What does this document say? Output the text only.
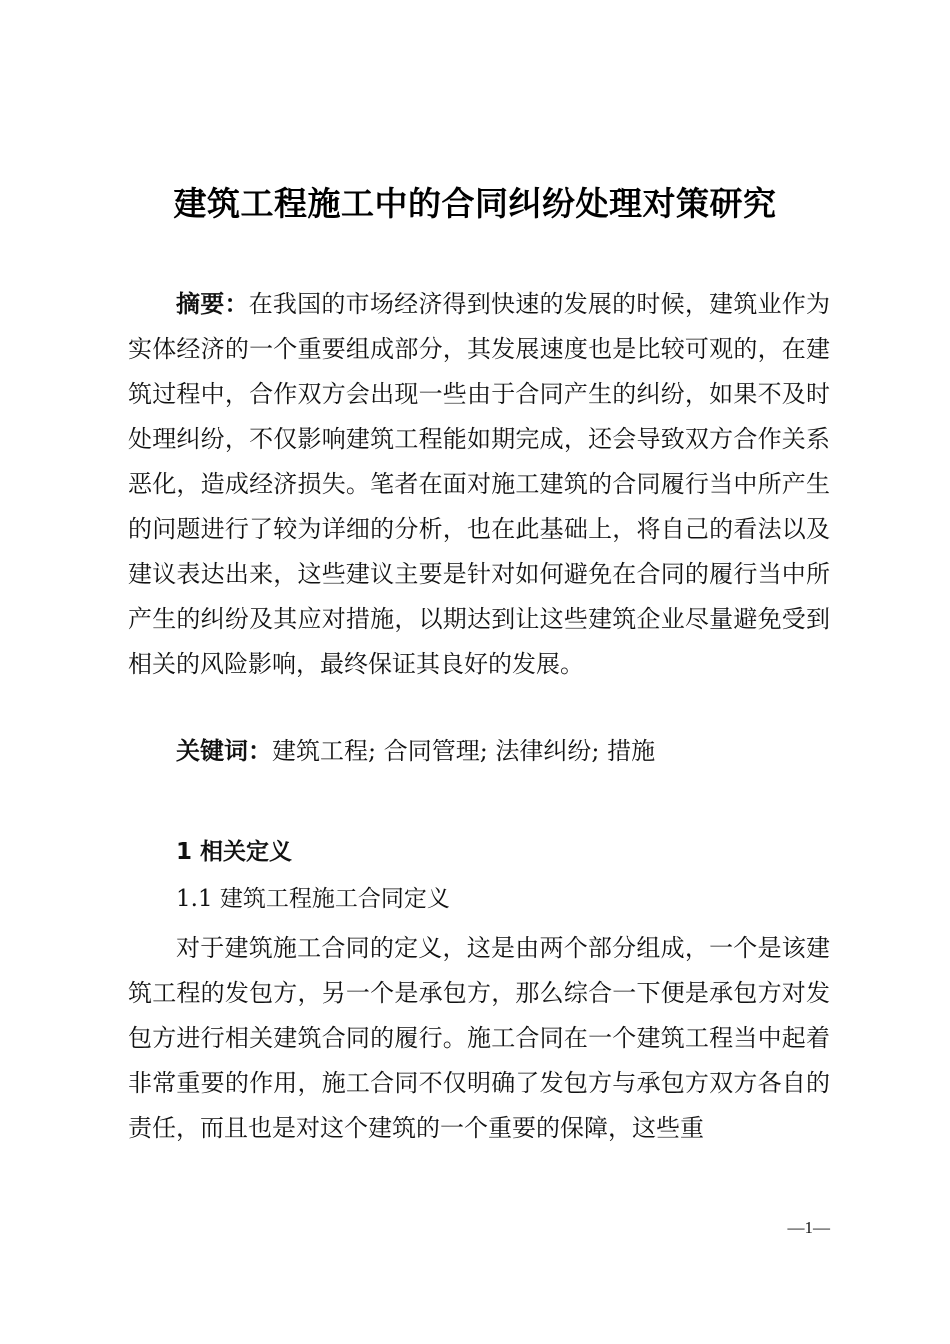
建筑工程施工中的合同纠纷处理对策研究
摘要：在我国的市场经济得到快速的发展的时候，建筑业作为实体经济的一个重要组成部分，其发展速度也是比较可观的，在建筑过程中，合作双方会出现一些由于合同产生的纠纷，如果不及时处理纠纷，不仅影响建筑工程能如期完成，还会导致双方合作关系恶化，造成经济损失。笔者在面对施工建筑的合同履行当中所产生的问题进行了较为详细的分析，也在此基础上，将自己的看法以及建议表达出来，这些建议主要是针对如何避免在合同的履行当中所产生的纠纷及其应对措施，以期达到让这些建筑企业尽量避免受到相关的风险影响，最终保证其良好的发展。
关键词：建筑工程; 合同管理; 法律纠纷; 措施
1 相关定义
1.1 建筑工程施工合同定义
对于建筑施工合同的定义，这是由两个部分组成，一个是该建筑工程的发包方，另一个是承包方，那么综合一下便是承包方对发包方进行相关建筑合同的履行。施工合同在一个建筑工程当中起着非常重要的作用，施工合同不仅明确了发包方与承包方双方各自的责任，而且也是对这个建筑的一个重要的保障，这些重
—1—
